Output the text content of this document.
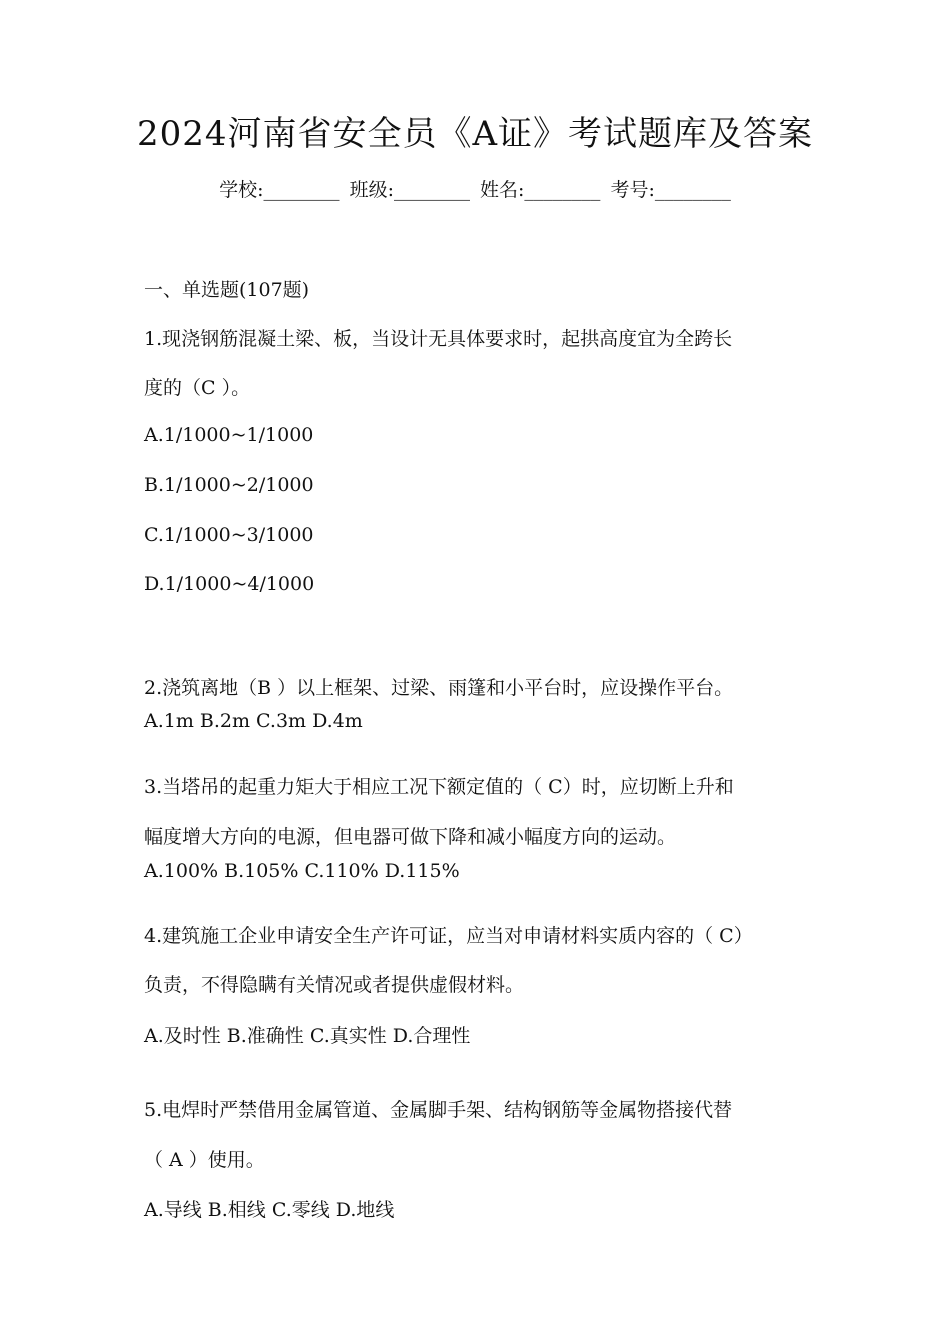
2024河南省安全员《A证》考试题库及答案
学校:________ 班级:________ 姓名:________ 考号:________
一、单选题(107题)
1.现浇钢筋混凝土梁、板，当设计无具体要求时，起拱高度宜为全跨长
度的（C ）。
A.1/1000~1/1000
B.1/1000~2/1000
C.1/1000~3/1000
D.1/1000~4/1000
2.浇筑离地（B ）以上框架、过梁、雨篷和小平台时，应设操作平台。
A.1m B.2m C.3m D.4m
3.当塔吊的起重力矩大于相应工况下额定值的（ C）时，应切断上升和
幅度增大方向的电源，但电器可做下降和减小幅度方向的运动。
A.100% B.105% C.110% D.115%
4.建筑施工企业申请安全生产许可证，应当对申请材料实质内容的（ C）
负责，不得隐瞒有关情况或者提供虚假材料。
A.及时性 B.准确性 C.真实性 D.合理性
5.电焊时严禁借用金属管道、金属脚手架、结构钢筋等金属物搭接代替
（ A ）使用。
A.导线 B.相线 C.零线 D.地线
